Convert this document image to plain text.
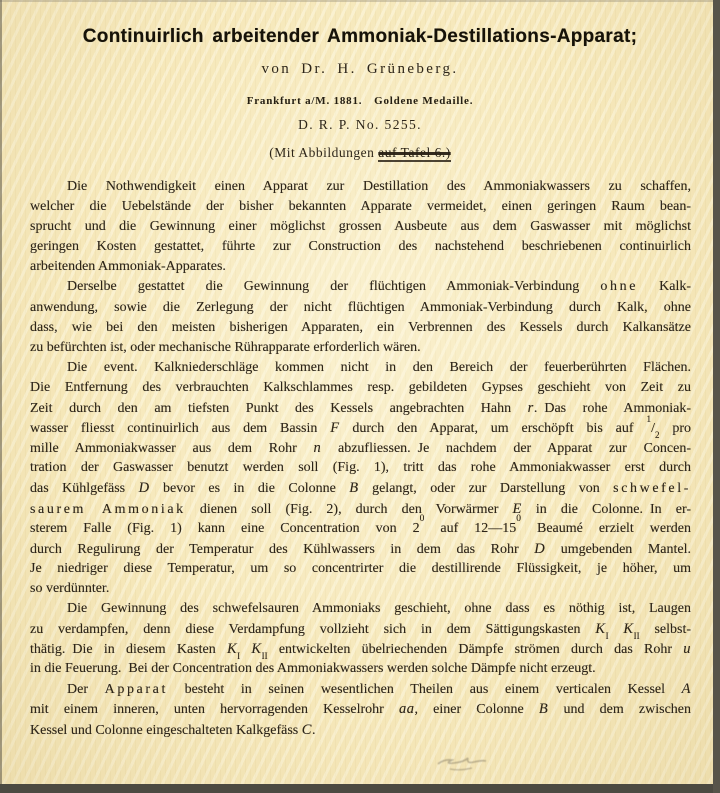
Continuirlich arbeitender Ammoniak-Destillations-Apparat;
von Dr. H. Grüneberg.
Frankfurt a/M. 1881. Goldene Medaille.
D. R. P. No. 5255.
(Mit Abbildungen auf Tafel 6.)
Die Nothwendigkeit einen Apparat zur Destillation des Ammoniakwassers zu schaffen,
welcher die Uebelstände der bisher bekannten Apparate vermeidet, einen geringen Raum bean-
sprucht und die Gewinnung einer möglichst grossen Ausbeute aus dem Gaswasser mit möglichst
geringen Kosten gestattet, führte zur Construction des nachstehend beschriebenen continuirlich
arbeitenden Ammoniak-Apparates.
Derselbe gestattet die Gewinnung der flüchtigen Ammoniak-Verbindung ohne Kalk-
anwendung, sowie die Zerlegung der nicht flüchtigen Ammoniak-Verbindung durch Kalk, ohne
dass, wie bei den meisten bisherigen Apparaten, ein Verbrennen des Kessels durch Kalkansätze
zu befürchten ist, oder mechanische Rührapparate erforderlich wären.
Die event. Kalkniederschläge kommen nicht in den Bereich der feuerberührten Flächen.
Die Entfernung des verbrauchten Kalkschlammes resp. gebildeten Gypses geschieht von Zeit zu
Zeit durch den am tiefsten Punkt des Kessels angebrachten Hahn r. Das rohe Ammoniak-
wasser fliesst continuirlich aus dem Bassin F durch den Apparat, um erschöpft bis auf $^1/_2$ pro
mille Ammoniakwasser aus dem Rohr n abzufliessen. Je nachdem der Apparat zur Concen-
tration der Gaswasser benutzt werden soll (Fig. 1), tritt das rohe Ammoniakwasser erst durch
das Kühlgefäss D bevor es in die Colonne B gelangt, oder zur Darstellung von schwefel-
saurem Ammoniak dienen soll (Fig. 2), durch den Vorwärmer E in die Colonne. In er-
sterem Falle (Fig. 1) kann eine Concentration von $2^0$ auf $12—15^0$ Beaumé erzielt werden
durch Regulirung der Temperatur des Kühlwassers in dem das Rohr D umgebenden Mantel.
Je niedriger diese Temperatur, um so concentrirter die destillirende Flüssigkeit, je höher, um
so verdünnter.
Die Gewinnung des schwefelsauren Ammoniaks geschieht, ohne dass es nöthig ist, Laugen
zu verdampfen, denn diese Verdampfung vollzieht sich in dem Sättigungskasten $K_I$ $K_{II}$ selbst-
thätig. Die in diesem Kasten $K_I$ $K_{II}$ entwickelten übelriechenden Dämpfe strömen durch das Rohr u
in die Feuerung. Bei der Concentration des Ammoniakwassers werden solche Dämpfe nicht erzeugt.
Der Apparat besteht in seinen wesentlichen Theilen aus einem verticalen Kessel A
mit einem inneren, unten hervorragenden Kesselrohr aa, einer Colonne B und dem zwischen
Kessel und Colonne eingeschalteten Kalkgefäss C.
